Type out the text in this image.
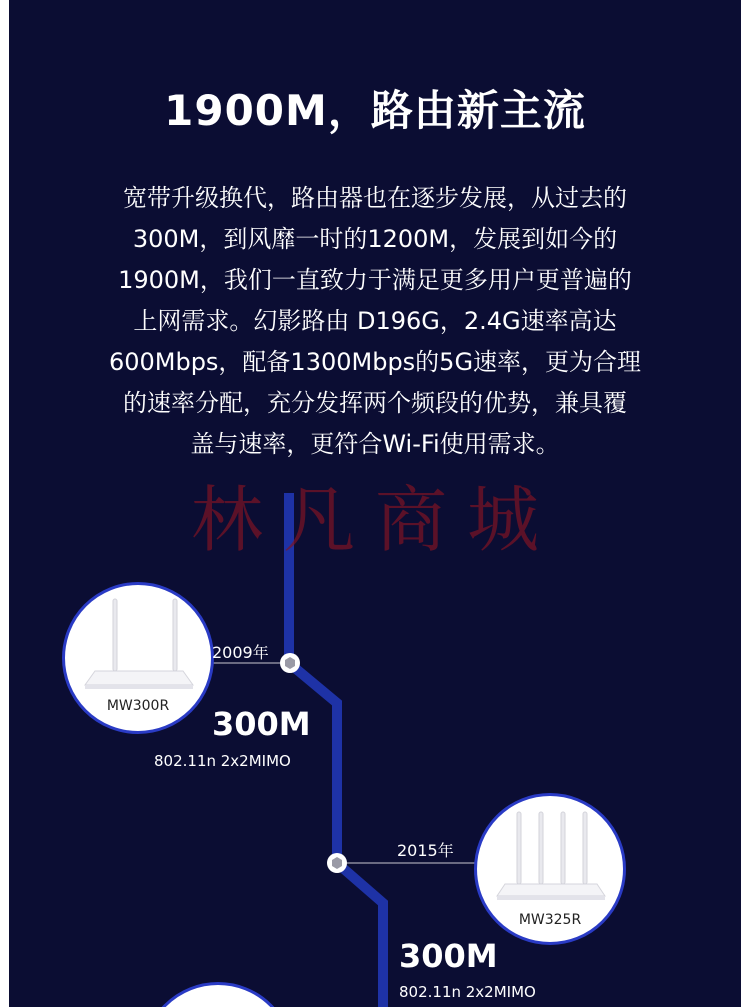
1900M，路由新主流
宽带升级换代，路由器也在逐步发展，从过去的
300M，到风靡一时的1200M，发展到如今的
1900M，我们一直致力于满足更多用户更普遍的
上网需求。幻影路由 D196G，2.4G速率高达
600Mbps，配备1300Mbps的5G速率，更为合理
的速率分配，充分发挥两个频段的优势，兼具覆
盖与速率，更符合Wi-Fi使用需求。
林凡商城
MW300R
2009年
300M
802.11n 2x2MIMO
MW325R
2015年
300M
802.11n 2x2MIMO
